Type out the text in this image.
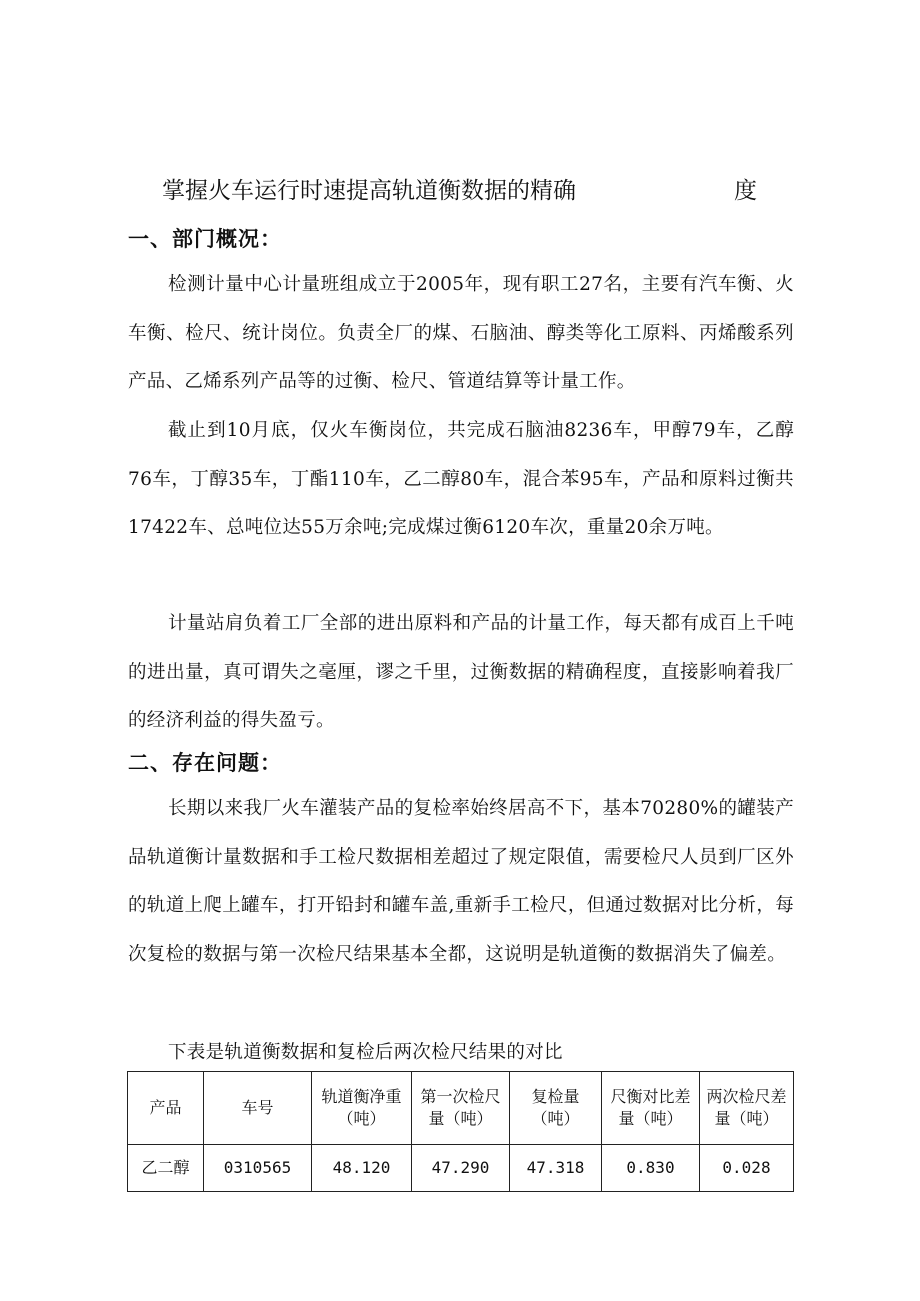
掌握火车运行时速提高轨道衡数据的精确	度
一、部门概况：
检测计量中心计量班组成立于2005年，现有职工27名，主要有汽车衡、火车衡、检尺、统计岗位。负责全厂的煤、石脑油、醇类等化工原料、丙烯酸系列产品、乙烯系列产品等的过衡、检尺、管道结算等计量工作。
截止到10月底，仅火车衡岗位，共完成石脑油8236车，甲醇79车，乙醇76车，丁醇35车，丁酯110车，乙二醇80车，混合苯95车，产品和原料过衡共17422车、总吨位达55万余吨;完成煤过衡6120车次，重量20余万吨。
计量站肩负着工厂全部的进出原料和产品的计量工作，每天都有成百上千吨的进出量，真可谓失之毫厘，谬之千里，过衡数据的精确程度，直接影响着我厂的经济利益的得失盈亏。
二、存在问题：
长期以来我厂火车灌装产品的复检率始终居高不下，基本70280%的罐装产品轨道衡计量数据和手工检尺数据相差超过了规定限值，需要检尺人员到厂区外的轨道上爬上罐车，打开铅封和罐车盖,重新手工检尺，但通过数据对比分析，每次复检的数据与第一次检尺结果基本全都，这说明是轨道衡的数据消失了偏差。
下表是轨道衡数据和复检后两次检尺结果的对比
产品	车号	轨道衡净重（吨）	第一次检尺量（吨）	复检量（吨）	尺衡对比差量（吨）	两次检尺差量（吨）
乙二醇	0310565	48.120	47.290	47.318	0.830	0.028
